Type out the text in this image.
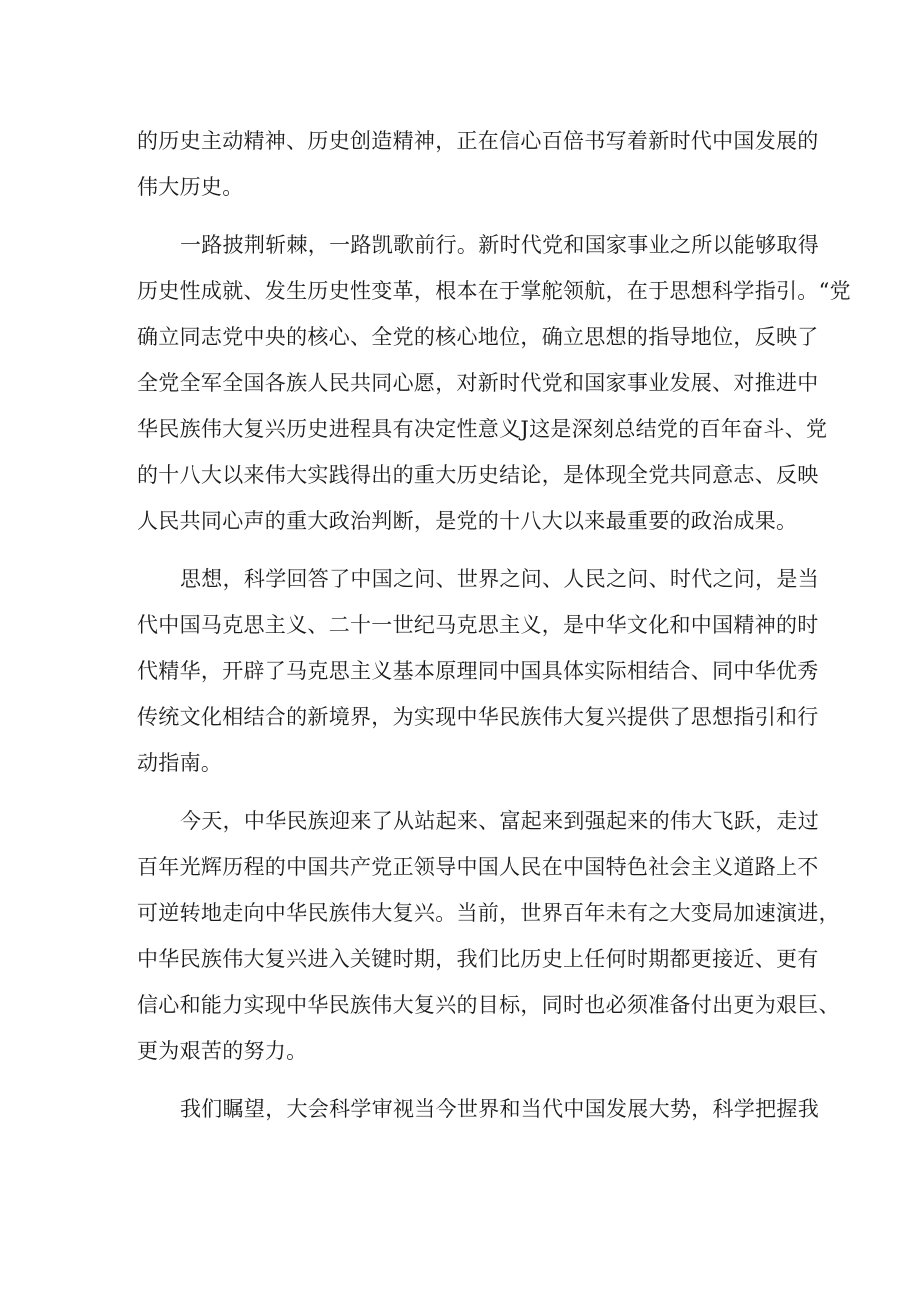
的历史主动精神、历史创造精神，正在信心百倍书写着新时代中国发展的
伟大历史。
一路披荆斩棘，一路凯歌前行。新时代党和国家事业之所以能够取得
历史性成就、发生历史性变革，根本在于掌舵领航，在于思想科学指引。“党
确立同志党中央的核心、全党的核心地位，确立思想的指导地位，反映了
全党全军全国各族人民共同心愿，对新时代党和国家事业发展、对推进中
华民族伟大复兴历史进程具有决定性意义J这是深刻总结党的百年奋斗、党
的十八大以来伟大实践得出的重大历史结论，是体现全党共同意志、反映
人民共同心声的重大政治判断，是党的十八大以来最重要的政治成果。
思想，科学回答了中国之问、世界之问、人民之问、时代之问，是当
代中国马克思主义、二十一世纪马克思主义，是中华文化和中国精神的时
代精华，开辟了马克思主义基本原理同中国具体实际相结合、同中华优秀
传统文化相结合的新境界，为实现中华民族伟大复兴提供了思想指引和行
动指南。
今天，中华民族迎来了从站起来、富起来到强起来的伟大飞跃，走过
百年光辉历程的中国共产党正领导中国人民在中国特色社会主义道路上不
可逆转地走向中华民族伟大复兴。当前，世界百年未有之大变局加速演进，
中华民族伟大复兴进入关键时期，我们比历史上任何时期都更接近、更有
信心和能力实现中华民族伟大复兴的目标，同时也必须准备付出更为艰巨、
更为艰苦的努力。
我们瞩望，大会科学审视当今世界和当代中国发展大势，科学把握我
